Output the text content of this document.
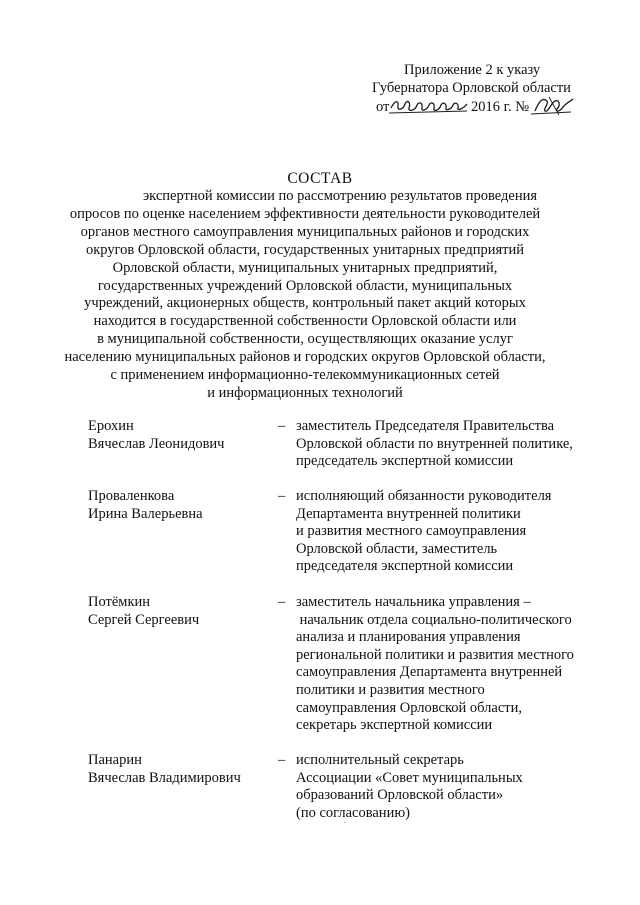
Приложение 2 к указу
Губернатора Орловской области
от	2016 г. №
СОСТАВ
экспертной комиссии по рассмотрению результатов проведения
опросов по оценке населением эффективности деятельности руководителей
органов местного самоуправления муниципальных районов и городских
округов Орловской области, государственных унитарных предприятий
Орловской области, муниципальных унитарных предприятий,
государственных учреждений Орловской области, муниципальных
учреждений, акционерных обществ, контрольный пакет акций которых
находится в государственной собственности Орловской области или
в муниципальной собственности, осуществляющих оказание услуг
населению муниципальных районов и городских округов Орловской области,
с применением информационно-телекоммуникационных сетей
и информационных технологий
Ерохин
Вячеслав Леонидович
– заместитель Председателя Правительства
Орловской области по внутренней политике,
председатель экспертной комиссии
Проваленкова
Ирина Валерьевна
– исполняющий обязанности руководителя
Департамента внутренней политики
и развития местного самоуправления
Орловской области, заместитель
председателя экспертной комиссии
Потёмкин
Сергей Сергеевич
– заместитель начальника управления –
начальник отдела социально-политического
анализа и планирования управления
региональной политики и развития местного
самоуправления Департамента внутренней
политики и развития местного
самоуправления Орловской области,
секретарь экспертной комиссии
Панарин
Вячеслав Владимирович
– исполнительный секретарь
Ассоциации «Совет муниципальных
образований Орловской области»
(по согласованию)
